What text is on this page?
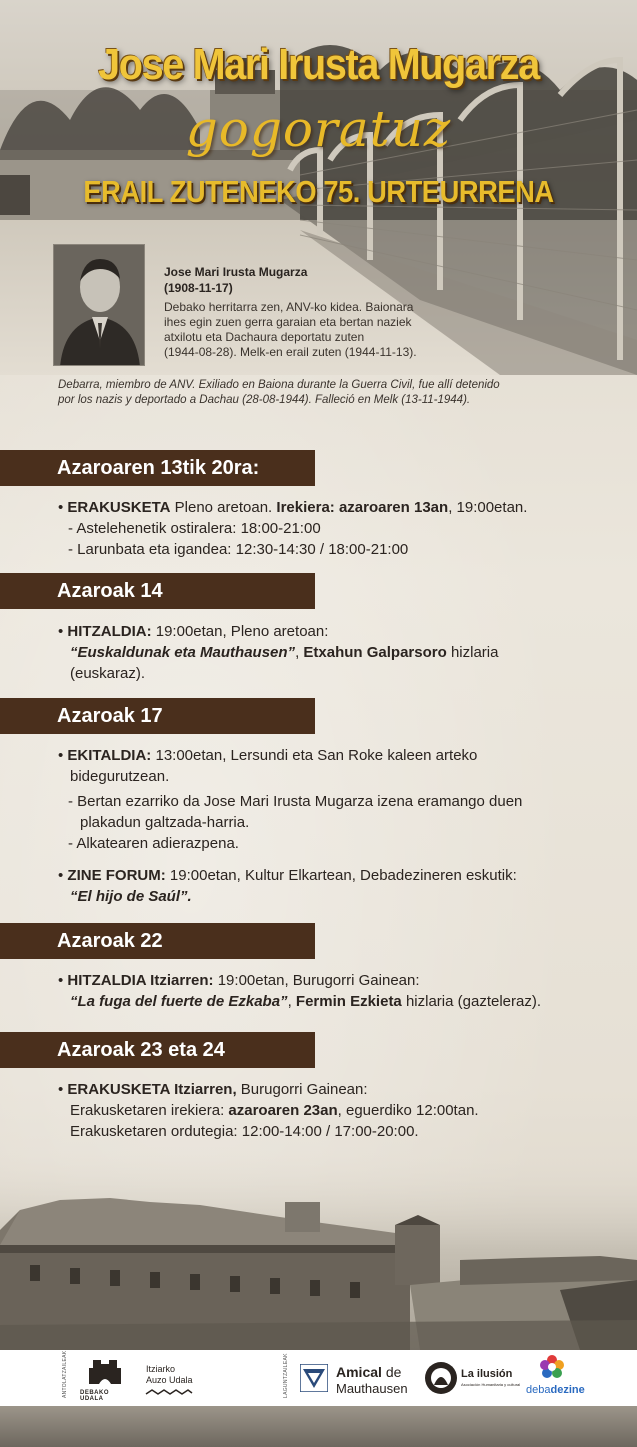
Jose Mari Irusta Mugarza
gogoratuz
ERAIL ZUTENEKO 75. URTEURRENA
Jose Mari Irusta Mugarza
(1908-11-17)
Debako herritarra zen, ANV-ko kidea. Baionara
ihes egin zuen gerra garaian eta bertan naziek
atxilotu eta Dachaura deportatu zuten
(1944-08-28). Melk-en erail zuten (1944-11-13).
Debarra, miembro de ANV. Exiliado en Baiona durante la Guerra Civil, fue allí detenido
por los nazis y deportado a Dachau (28-08-1944). Falleció en Melk (13-11-1944).
Azaroaren 13tik 20ra:
• ERAKUSKETA Pleno aretoan. Irekiera: azaroaren 13an, 19:00etan.
- Astelehenetik ostiralera: 18:00-21:00
- Larunbata eta igandea: 12:30-14:30 / 18:00-21:00
Azaroak 14
• HITZALDIA: 19:00etan, Pleno aretoan:
“Euskaldunak eta Mauthausen”, Etxahun Galparsoro hizlaria
(euskaraz).
Azaroak 17
• EKITALDIA: 13:00etan, Lersundi eta San Roke kaleen arteko
bidegurutzean.
- Bertan ezarriko da Jose Mari Irusta Mugarza izena eramango duen
plakadun galtzada-harria.
- Alkatearen adierazpena.
• ZINE FORUM: 19:00etan, Kultur Elkartean, Debadezineren eskutik:
“El hijo de Saúl”.
Azaroak 22
• HITZALDIA Itziarren: 19:00etan, Burugorri Gainean:
“La fuga del fuerte de Ezkaba”, Fermin Ezkieta hizlaria (gazteleraz).
Azaroak 23 eta 24
• ERAKUSKETA Itziarren, Burugorri Gainean:
Erakusketaren irekiera: azaroaren 23an, eguerdiko 12:00tan.
Erakusketaren ordutegia: 12:00-14:00 / 17:00-20:00.
ANTOLATZAILEAK DEBAKO UDALA
Itziarko
Auzo Udala	LAGUNTZAILEAK	Amical de
Mauthausen
La ilusión
Asociación Humanitaria y cultural debadezine
